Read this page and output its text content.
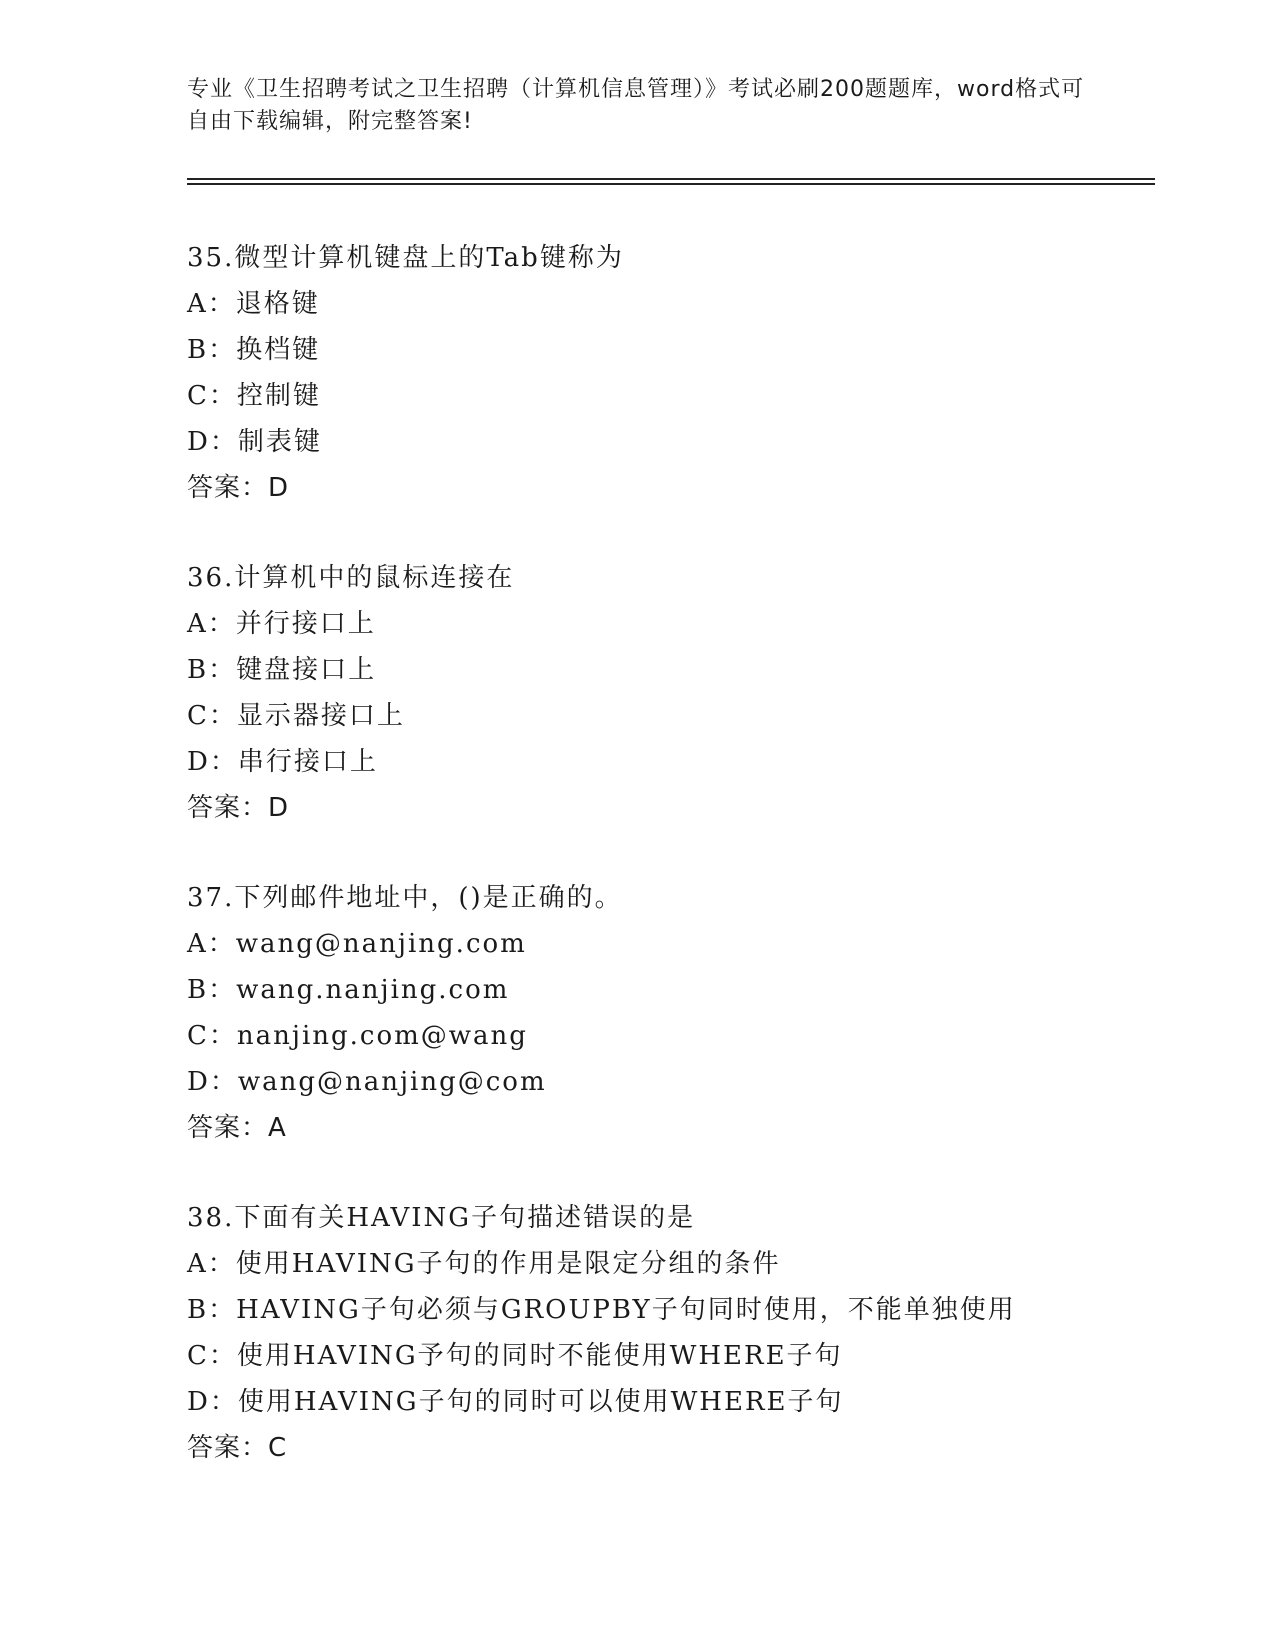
专业《卫生招聘考试之卫生招聘（计算机信息管理）》考试必刷200题题库，word格式可自由下载编辑，附完整答案!
35.微型计算机键盘上的Tab键称为
A：退格键
B：换档键
C：控制键
D：制表键
答案：D
36.计算机中的鼠标连接在
A：并行接口上
B：键盘接口上
C：显示器接口上
D：串行接口上
答案：D
37.下列邮件地址中，()是正确的。
A：wang@nanjing.com
B：wang.nanjing.com
C：nanjing.com@wang
D：wang@nanjing@com
答案：A
38.下面有关HAVING子句描述错误的是
A：使用HAVING子句的作用是限定分组的条件
B：HAVING子句必须与GROUPBY子句同时使用，不能单独使用
C：使用HAVING予句的同时不能使用WHERE子句
D：使用HAVING子句的同时可以使用WHERE子句
答案：C
